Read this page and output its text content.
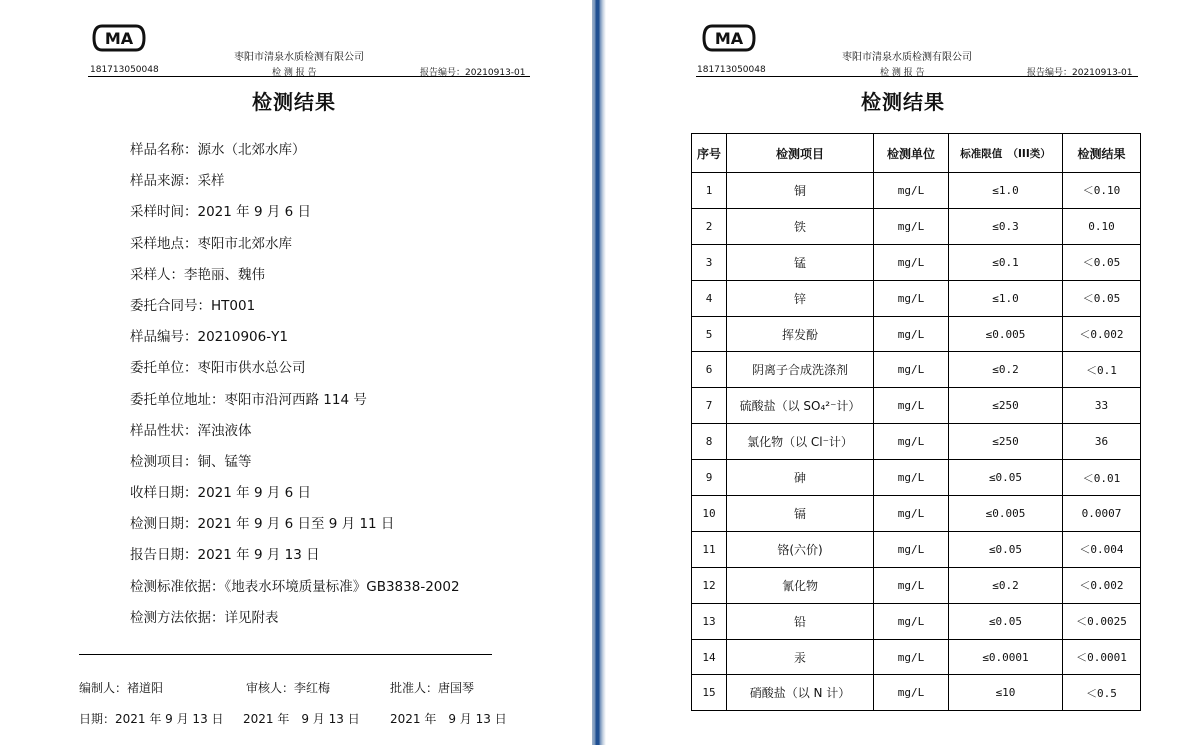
MA
枣阳市清泉水质检测有限公司
181713050048	检 测 报 告	报告编号：20210913-01
检测结果
样品名称：源水（北郊水库）
样品来源：采样
采样时间：2021 年 9 月 6 日
采样地点：枣阳市北郊水库
采样人：李艳丽、魏伟
委托合同号：HT001
样品编号：20210906-Y1
委托单位：枣阳市供水总公司
委托单位地址：枣阳市沿河西路 114 号
样品性状：浑浊液体
检测项目：铜、锰等
收样日期：2021 年 9 月 6 日
检测日期：2021 年 9 月 6 日至 9 月 11 日
报告日期：2021 年 9 月 13 日
检测标准依据：《地表水环境质量标准》GB3838-2002
检测方法依据：详见附表
编制人：褚道阳	审核人：李红梅	批准人：唐国琴
日期：2021 年 9 月 13 日 2021 年　9 月 13 日	2021 年　9 月 13 日
MA
枣阳市清泉水质检测有限公司
181713050048	检 测 报 告	报告编号：20210913-01
检测结果
序号	检测项目	检测单位	标准限值　（III类）	检测结果
1	铜	mg/L	≤1.0	＜0.10
2	铁	mg/L	≤0.3	0.10
3	锰	mg/L	≤0.1	＜0.05
4	锌	mg/L	≤1.0	＜0.05
5	挥发酚	mg/L	≤0.005	＜0.002
6	阴离子合成洗涤剂	mg/L	≤0.2	＜0.1
7	硫酸盐（以 SO₄²⁻计）	mg/L	≤250	33
8	氯化物（以 Cl⁻计）	mg/L	≤250	36
9	砷	mg/L	≤0.05	＜0.01
10	镉	mg/L	≤0.005	0.0007
11	铬(六价)	mg/L	≤0.05	＜0.004
12	氰化物	mg/L	≤0.2	＜0.002
13	铅	mg/L	≤0.05	＜0.0025
14	汞	mg/L	≤0.0001	＜0.0001
15	硝酸盐（以 N 计）	mg/L	≤10	＜0.5
